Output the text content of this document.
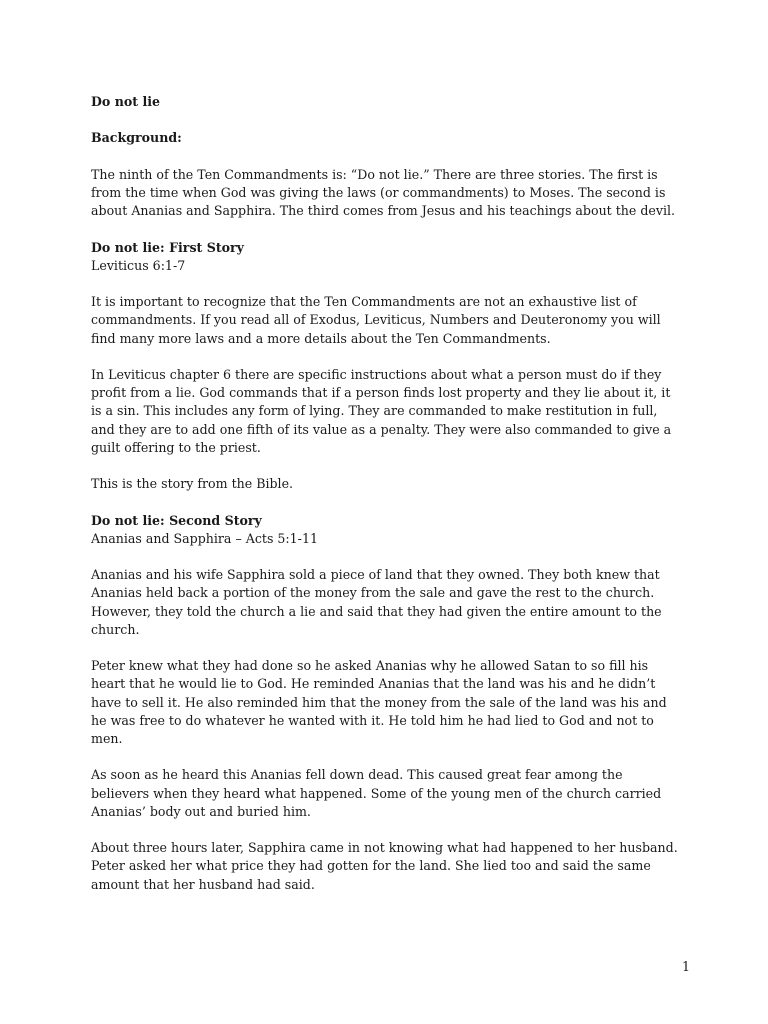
Do not lie

Background:

The ninth of the Ten Commandments is: “Do not lie.” There are three stories. The first is from the time when God was giving the laws (or commandments) to Moses. The second is about Ananias and Sapphira. The third comes from Jesus and his teachings about the devil.

Do not lie: First Story

Leviticus 6:1-7

It is important to recognize that the Ten Commandments are not an exhaustive list of commandments. If you read all of Exodus, Leviticus, Numbers and Deuteronomy you will find many more laws and a more details about the Ten Commandments.

In Leviticus chapter 6 there are specific instructions about what a person must do if they profit from a lie. God commands that if a person finds lost property and they lie about it, it is a sin. This includes any form of lying. They are commanded to make restitution in full, and they are to add one fifth of its value as a penalty. They were also commanded to give a guilt offering to the priest.

This is the story from the Bible.

Do not lie: Second Story

Ananias and Sapphira – Acts 5:1-11

Ananias and his wife Sapphira sold a piece of land that they owned. They both knew that Ananias held back a portion of the money from the sale and gave the rest to the church. However, they told the church a lie and said that they had given the entire amount to the church.

Peter knew what they had done so he asked Ananias why he allowed Satan to so fill his heart that he would lie to God. He reminded Ananias that the land was his and he didn’t have to sell it. He also reminded him that the money from the sale of the land was his and he was free to do whatever he wanted with it. He told him he had lied to God and not to men.

As soon as he heard this Ananias fell down dead. This caused great fear among the believers when they heard what happened. Some of the young men of the church carried Ananias’ body out and buried him.

About three hours later, Sapphira came in not knowing what had happened to her husband. Peter asked her what price they had gotten for the land. She lied too and said the same amount that her husband had said.

1
